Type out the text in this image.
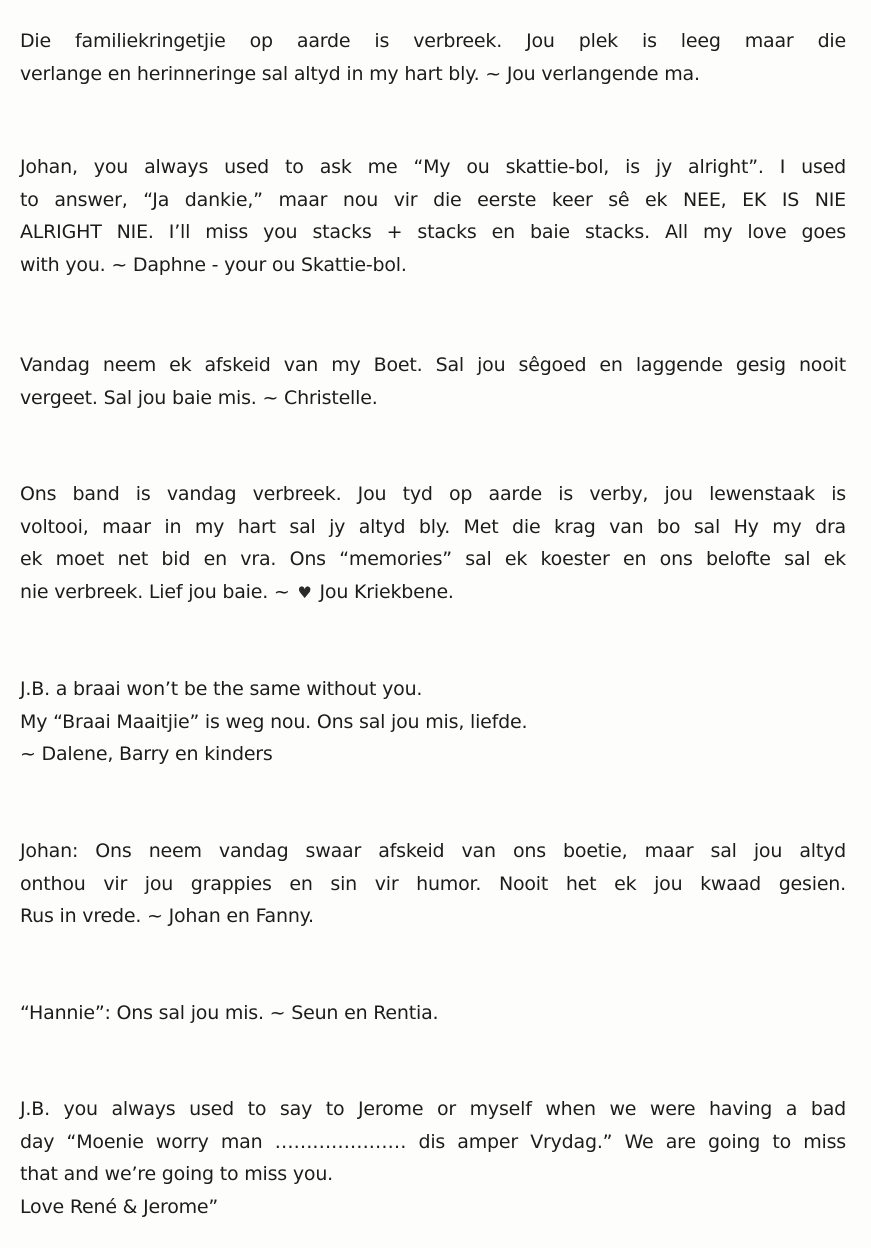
Die familiekringetjie op aarde is verbreek. Jou plek is leeg maar die
verlange en herinneringe sal altyd in my hart bly. ~ Jou verlangende ma.
Johan, you always used to ask me “My ou skattie-bol, is jy alright”. I used
to answer, “Ja dankie,” maar nou vir die eerste keer sê ek NEE, EK IS NIE
ALRIGHT NIE. I’ll miss you stacks + stacks en baie stacks. All my love goes
with you. ~ Daphne - your ou Skattie-bol.
Vandag neem ek afskeid van my Boet. Sal jou sêgoed en laggende gesig nooit
vergeet. Sal jou baie mis. ~ Christelle.
Ons band is vandag verbreek. Jou tyd op aarde is verby, jou lewenstaak is
voltooi, maar in my hart sal jy altyd bly. Met die krag van bo sal Hy my dra
ek moet net bid en vra. Ons “memories” sal ek koester en ons belofte sal ek
nie verbreek. Lief jou baie. ~ ♥ Jou Kriekbene.
J.B. a braai won’t be the same without you.
My “Braai Maaitjie” is weg nou. Ons sal jou mis, liefde.
~ Dalene, Barry en kinders
Johan: Ons neem vandag swaar afskeid van ons boetie, maar sal jou altyd
onthou vir jou grappies en sin vir humor. Nooit het ek jou kwaad gesien.
Rus in vrede. ~ Johan en Fanny.
“Hannie”: Ons sal jou mis. ~ Seun en Rentia.
J.B. you always used to say to Jerome or myself when we were having a bad
day “Moenie worry man ………………… dis amper Vrydag.” We are going to miss
that and we’re going to miss you.
Love René & Jerome”
